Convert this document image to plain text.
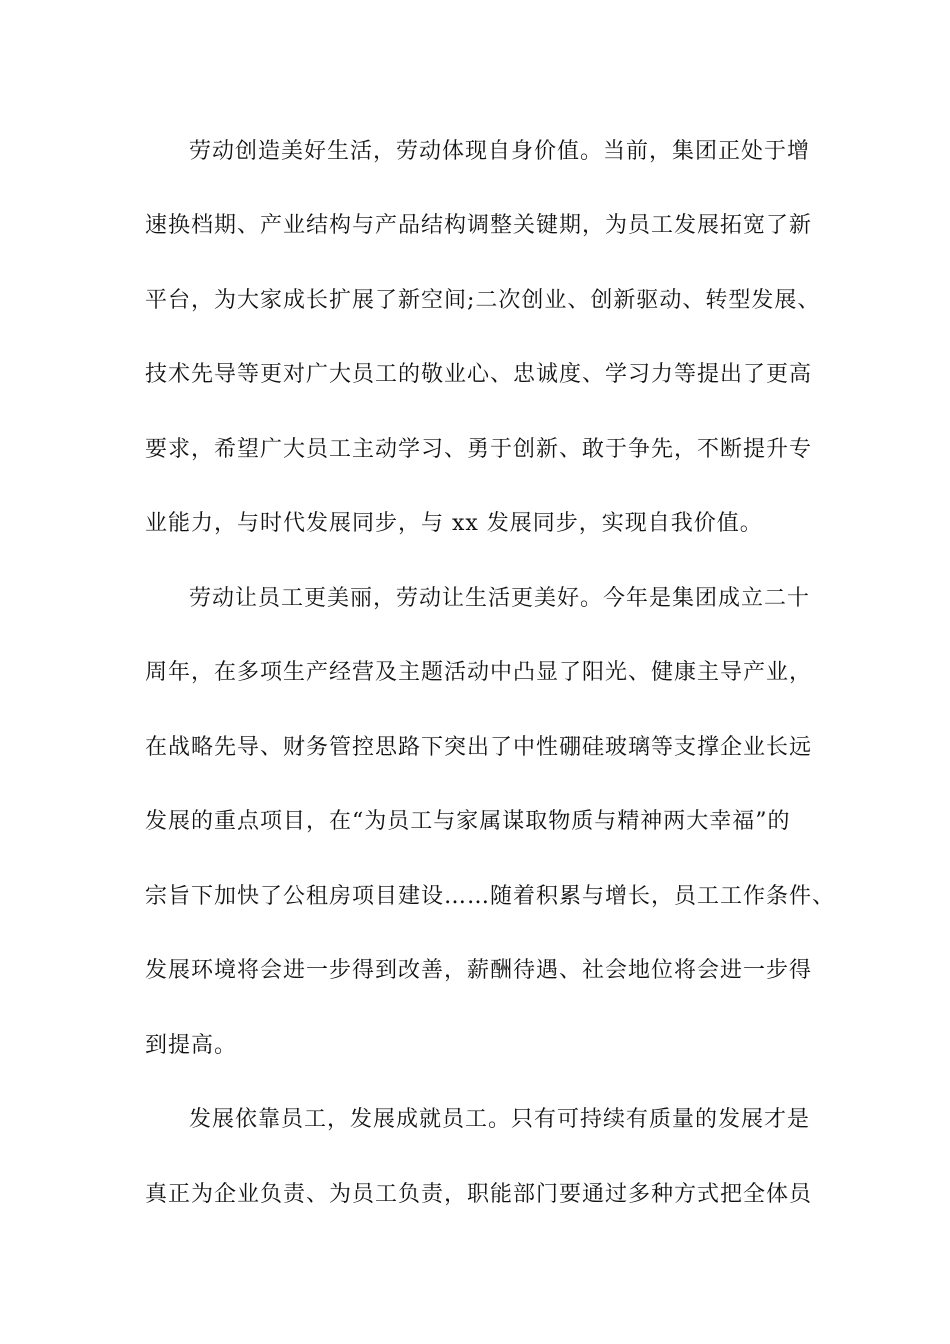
劳动创造美好生活，劳动体现自身价值。当前，集团正处于增
速换档期、产业结构与产品结构调整关键期，为员工发展拓宽了新
平台，为大家成长扩展了新空间;二次创业、创新驱动、转型发展、
技术先导等更对广大员工的敬业心、忠诚度、学习力等提出了更高
要求，希望广大员工主动学习、勇于创新、敢于争先，不断提升专
业能力，与时代发展同步，与 xx 发展同步，实现自我价值。
劳动让员工更美丽，劳动让生活更美好。今年是集团成立二十
周年，在多项生产经营及主题活动中凸显了阳光、健康主导产业，
在战略先导、财务管控思路下突出了中性硼硅玻璃等支撑企业长远
发展的重点项目，在“为员工与家属谋取物质与精神两大幸福”的
宗旨下加快了公租房项目建设……随着积累与增长，员工工作条件、
发展环境将会进一步得到改善，薪酬待遇、社会地位将会进一步得
到提高。
发展依靠员工，发展成就员工。只有可持续有质量的发展才是
真正为企业负责、为员工负责，职能部门要通过多种方式把全体员
